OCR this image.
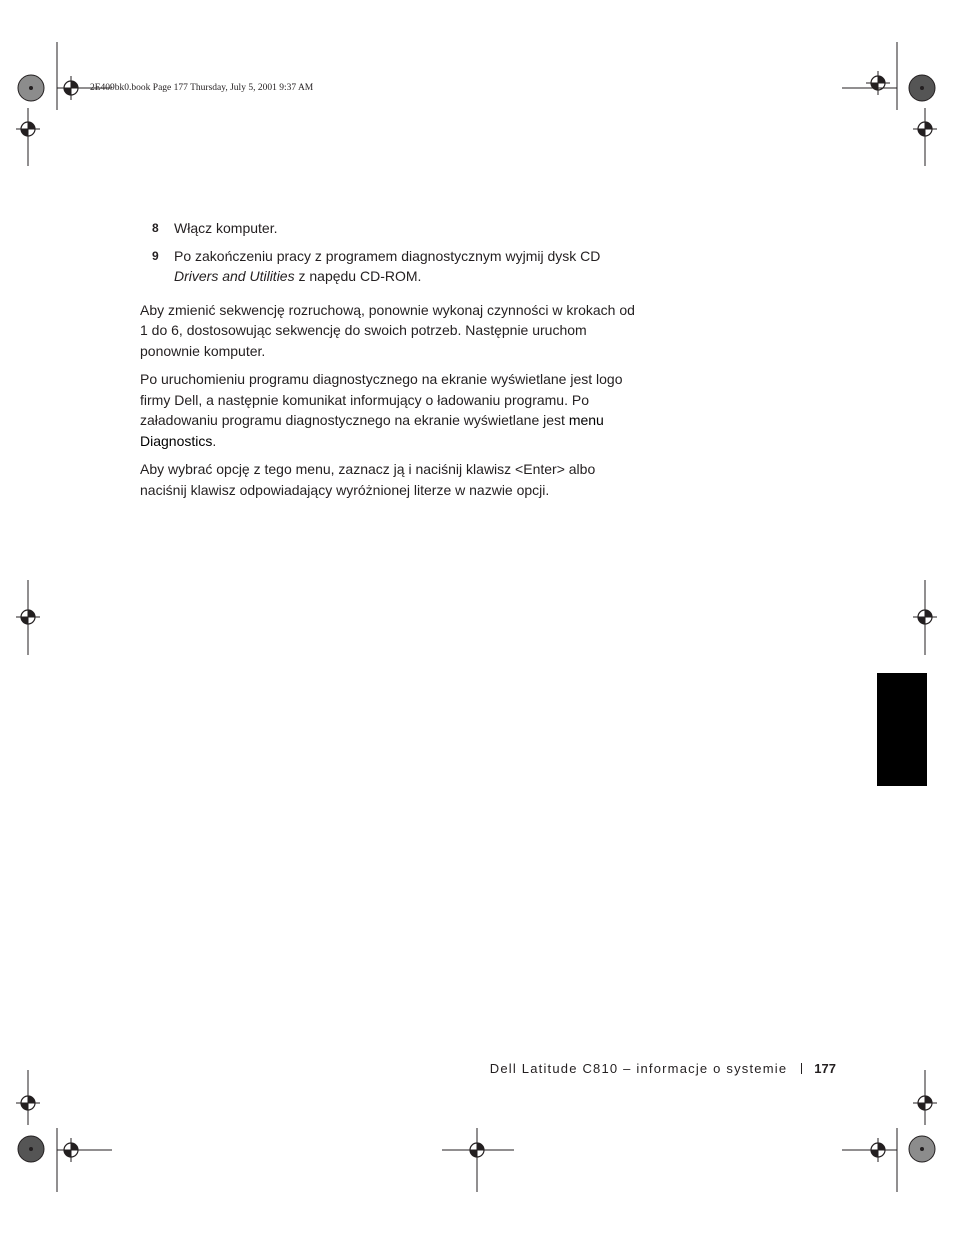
2E409bk0.book Page 177 Thursday, July 5, 2001 9:37 AM
8 Włącz komputer.
9 Po zakończeniu pracy z programem diagnostycznym wyjmij dysk CD Drivers and Utilities z napędu CD-ROM.

Aby zmienić sekwencję rozruchową, ponownie wykonaj czynności w krokach od 1 do 6, dostosowując sekwencję do swoich potrzeb. Następnie uruchom ponownie komputer.

Po uruchomieniu programu diagnostycznego na ekranie wyświetlane jest logo firmy Dell, a następnie komunikat informujący o ładowaniu programu. Po załadowaniu programu diagnostycznego na ekranie wyświetlane jest menu Diagnostics.

Aby wybrać opcję z tego menu, zaznacz ją i naciśnij klawisz <Enter> albo naciśnij klawisz odpowiadający wyróżnionej literze w nazwie opcji.

Dell Latitude C810 – informacje o systemie 177
